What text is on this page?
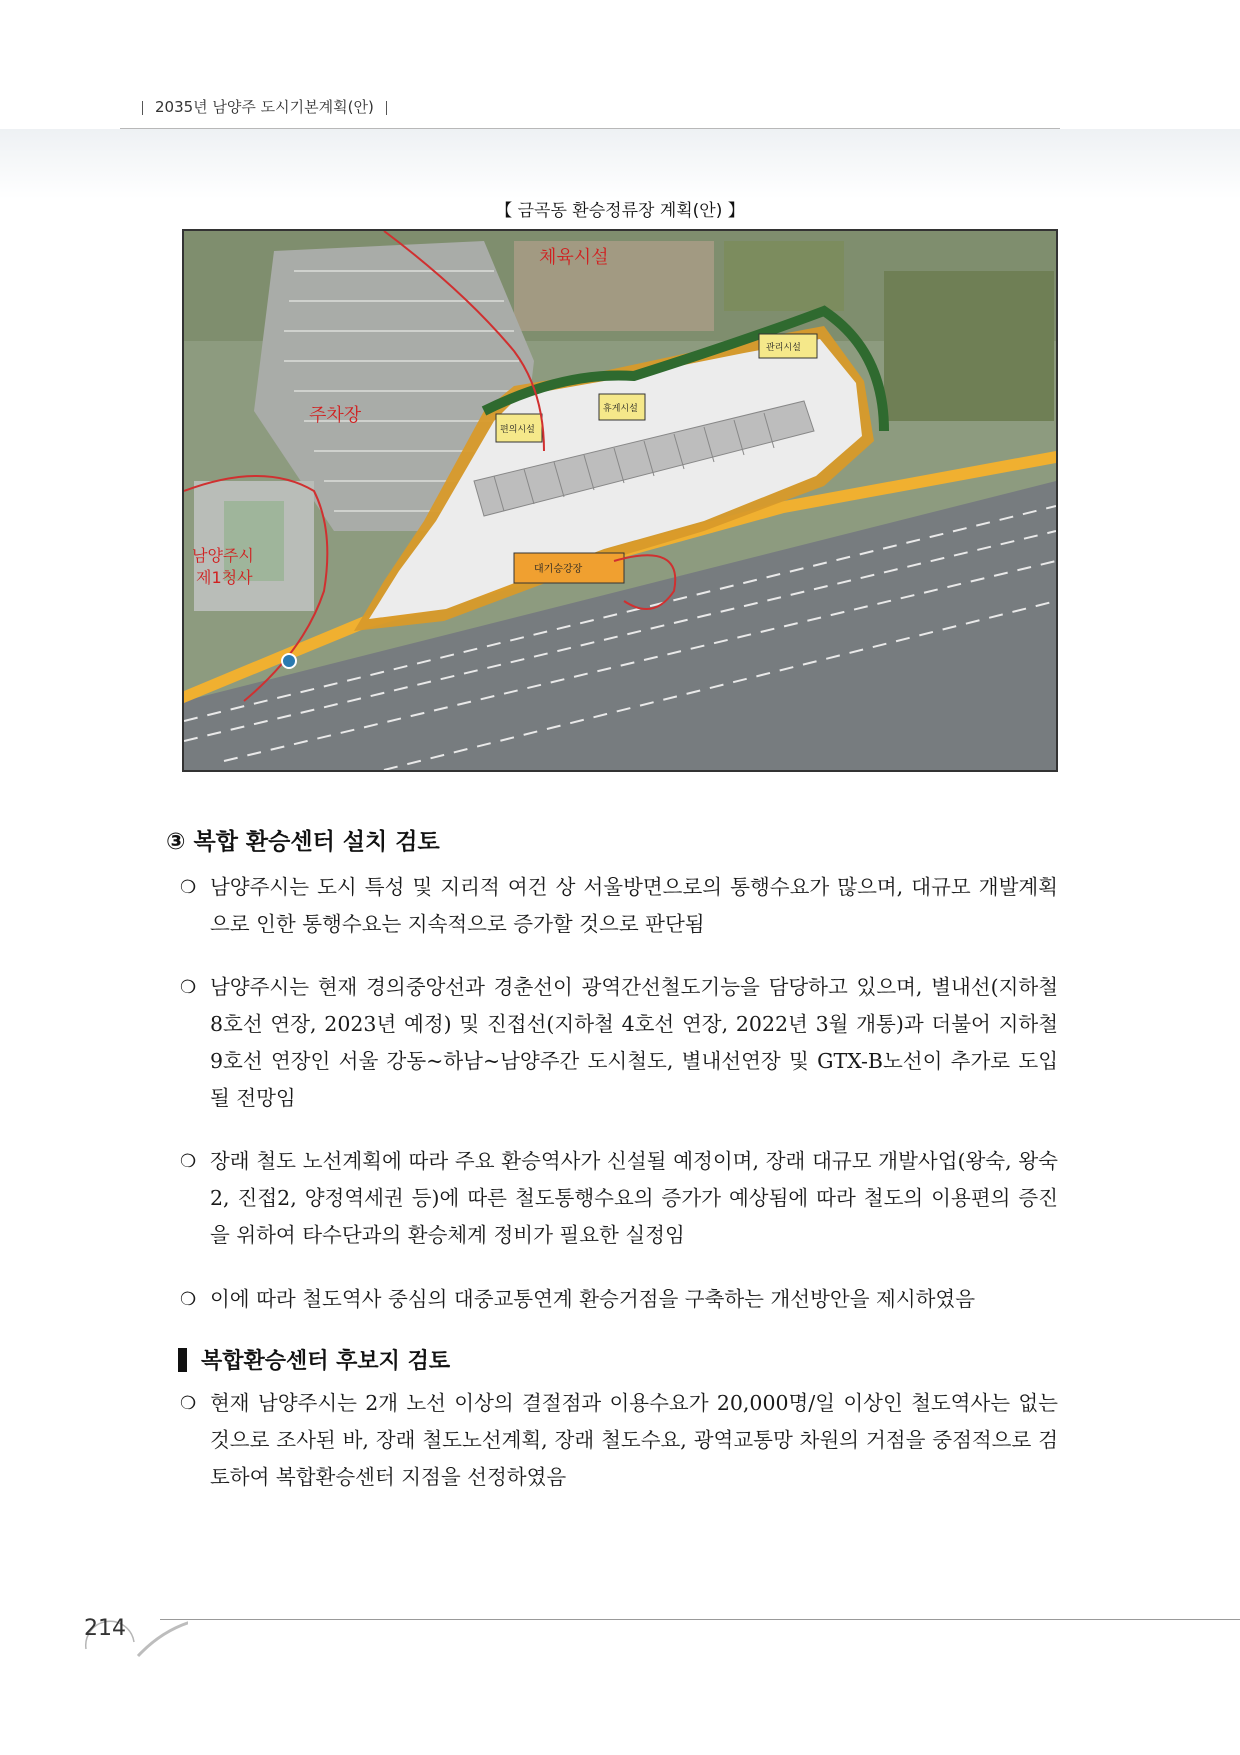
2035년 남양주 도시기본계획(안)
【 금곡동 환승정류장 계획(안) 】
체육시설
주차장
남양주시
제1청사
편의시설
휴게시설
관리시설
대기승강장
③ 복합 환승센터 설치 검토
❍ 남양주시는 도시 특성 및 지리적 여건 상 서울방면으로의 통행수요가 많으며, 대규모 개발계획으로 인한 통행수요는 지속적으로 증가할 것으로 판단됨
❍ 남양주시는 현재 경의중앙선과 경춘선이 광역간선철도기능을 담당하고 있으며, 별내선(지하철 8호선 연장, 2023년 예정) 및 진접선(지하철 4호선 연장, 2022년 3월 개통)과 더불어 지하철 9호선 연장인 서울 강동~하남~남양주간 도시철도, 별내선연장 및 GTX-B노선이 추가로 도입될 전망임
❍ 장래 철도 노선계획에 따라 주요 환승역사가 신설될 예정이며, 장래 대규모 개발사업(왕숙, 왕숙2, 진접2, 양정역세권 등)에 따른 철도통행수요의 증가가 예상됨에 따라 철도의 이용편의 증진을 위하여 타수단과의 환승체계 정비가 필요한 실정임
❍ 이에 따라 철도역사 중심의 대중교통연계 환승거점을 구축하는 개선방안을 제시하였음
복합환승센터 후보지 검토
❍ 현재 남양주시는 2개 노선 이상의 결절점과 이용수요가 20,000명/일 이상인 철도역사는 없는 것으로 조사된 바, 장래 철도노선계획, 장래 철도수요, 광역교통망 차원의 거점을 중점적으로 검토하여 복합환승센터 지점을 선정하였음
214
